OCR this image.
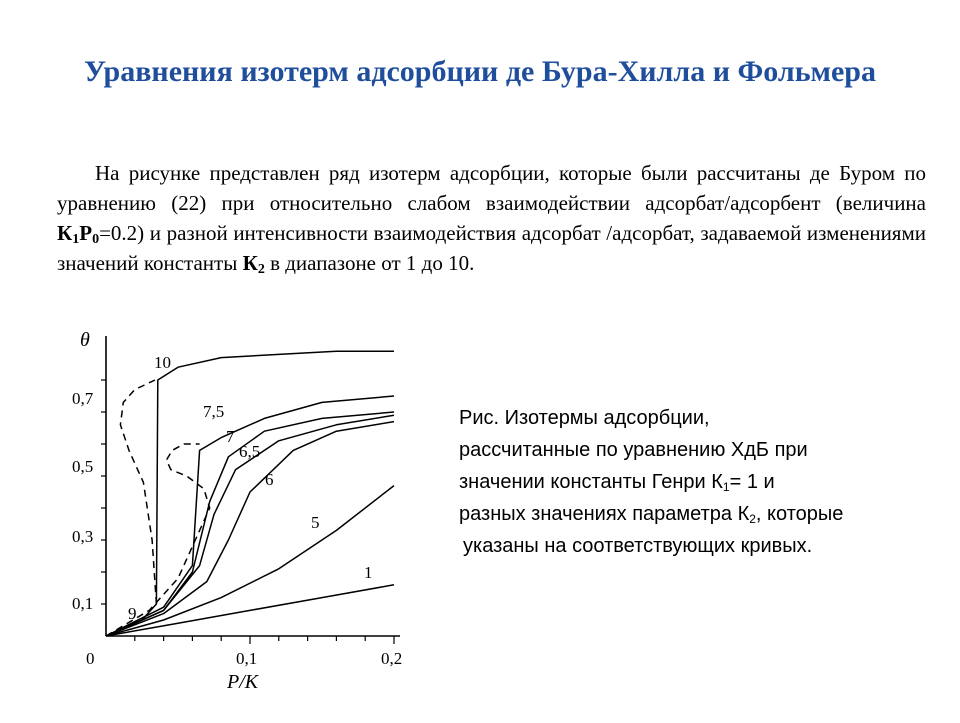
Уравнения изотерм адсорбции де Бура-Хилла и Фольмера

На рисунке представлен ряд изотерм адсорбции, которые были рассчитаны де Буром по уравнению (22) при относительно слабом взаимодействии адсорбат/адсорбент (величина $К_1Р_0=0.2$) и разной интенсивности взаимодействия адсорбат /адсорбат, задаваемой изменениями значений константы $К_2$ в диапазоне от 1 до 10.

θ
P/K
0	0,1	0,2
0,1
0,3
0,5
0,7
10
9
7,5
7
6,5
6
5
1
Рис. Изотермы адсорбции,
рассчитанные по уравнению ХдБ при
значении константы Генри $К_1= 1$ и
разных значениях параметра $К_2$, которые
указаны на соответствующих кривых.
